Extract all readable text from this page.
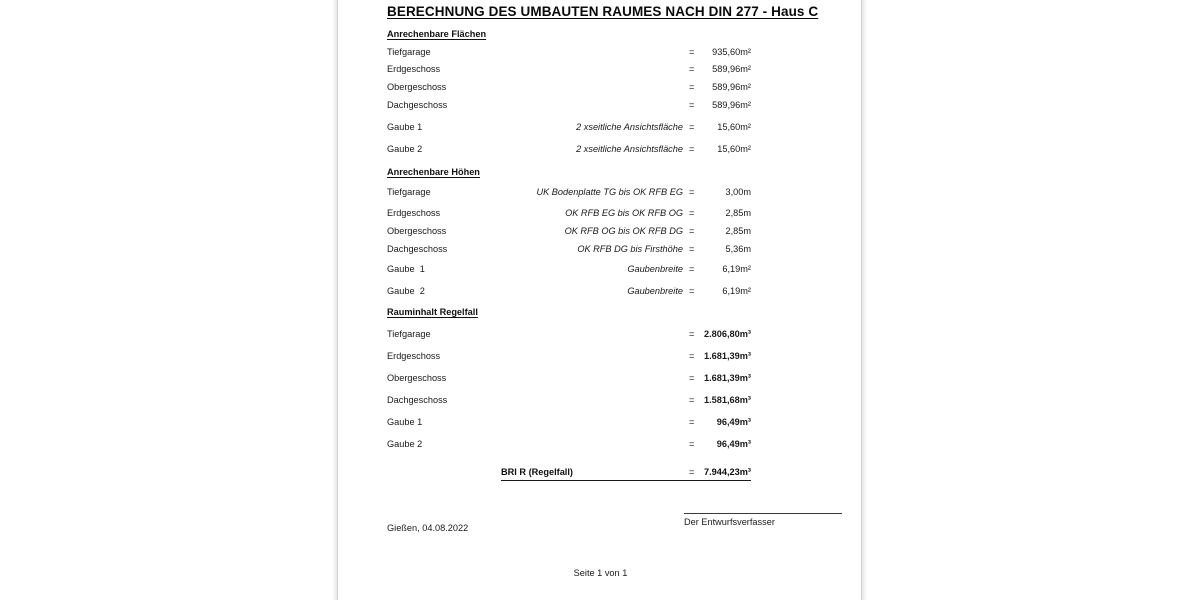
BERECHNUNG DES UMBAUTEN RAUMES NACH DIN 277 - Haus C
Anrechenbare Flächen
Tiefgarage	=	935,60m²
Erdgeschoss	=	589,96m²
Obergeschoss	=	589,96m²
Dachgeschoss	=	589,96m²
Gaube 1	2 xseitliche Ansichtsfläche =	15,60m²
Gaube 2	2 xseitliche Ansichtsfläche =	15,60m²
Anrechenbare Höhen
Tiefgarage	UK Bodenplatte TG bis OK RFB EG =	3,00m
Erdgeschoss	OK RFB EG bis OK RFB OG =	2,85m
Obergeschoss	OK RFB OG bis OK RFB DG =	2,85m
Dachgeschoss	OK RFB DG bis Firsthöhe =	5,36m
Gaube  1	Gaubenbreite =	6,19m²
Gaube  2	Gaubenbreite =	6,19m²
Rauminhalt Regelfall
Tiefgarage	=	2.806,80m³
Erdgeschoss	=	1.681,39m³
Obergeschoss	=	1.681,39m³
Dachgeschoss	=	1.581,68m³
Gaube 1	=	96,49m³
Gaube 2	=	96,49m³
BRI R (Regelfall)	=	7.944,23m³
Gießen, 04.08.2022
Der Entwurfsverfasser
Seite 1 von 1
